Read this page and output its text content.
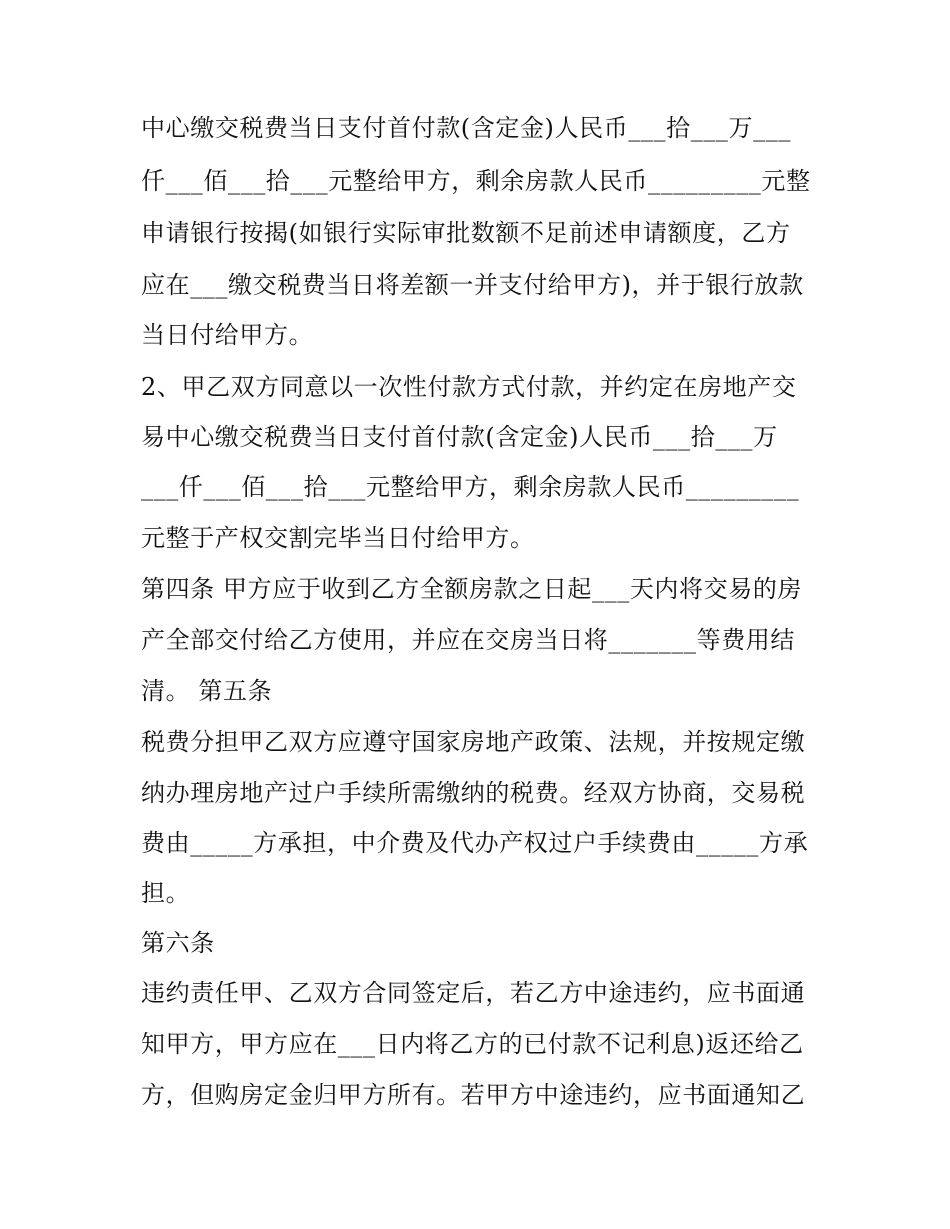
中心缴交税费当日支付首付款(含定金)人民币___拾___万___
仟___佰___拾___元整给甲方，剩余房款人民币_________元整
申请银行按揭(如银行实际审批数额不足前述申请额度，乙方
应在___缴交税费当日将差额一并支付给甲方)，并于银行放款
当日付给甲方。
2、甲乙双方同意以一次性付款方式付款，并约定在房地产交
易中心缴交税费当日支付首付款(含定金)人民币___拾___万
___仟___佰___拾___元整给甲方，剩余房款人民币_________
元整于产权交割完毕当日付给甲方。
第四条 甲方应于收到乙方全额房款之日起___天内将交易的房
产全部交付给乙方使用，并应在交房当日将_______等费用结
清。 第五条
税费分担甲乙双方应遵守国家房地产政策、法规，并按规定缴
纳办理房地产过户手续所需缴纳的税费。经双方协商，交易税
费由_____方承担，中介费及代办产权过户手续费由_____方承
担。
第六条
违约责任甲、乙双方合同签定后，若乙方中途违约，应书面通
知甲方，甲方应在___日内将乙方的已付款不记利息)返还给乙
方，但购房定金归甲方所有。若甲方中途违约，应书面通知乙
